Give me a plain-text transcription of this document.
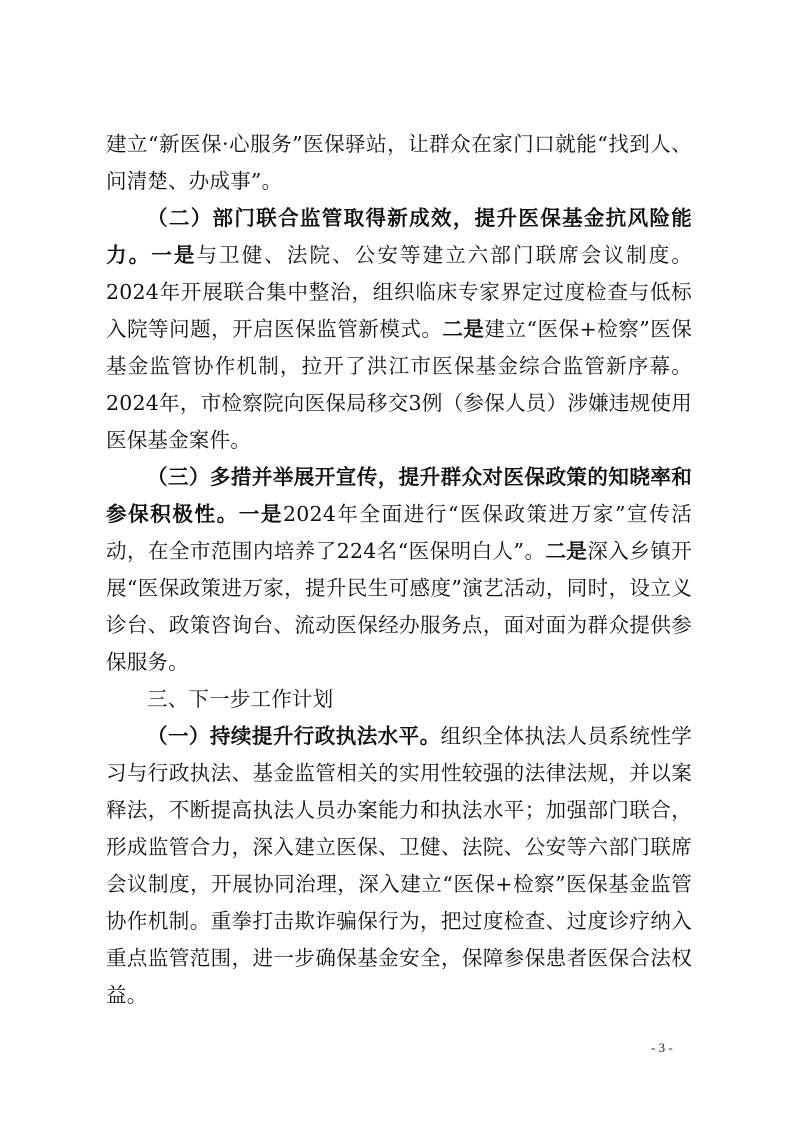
建立“新医保·心服务”医保驿站，让群众在家门口就能“找到人、问清楚、办成事”。

（二）部门联合监管取得新成效，提升医保基金抗风险能力。一是与卫健、法院、公安等建立六部门联席会议制度。2024年开展联合集中整治，组织临床专家界定过度检查与低标入院等问题，开启医保监管新模式。二是建立“医保+检察”医保基金监管协作机制，拉开了洪江市医保基金综合监管新序幕。2024年，市检察院向医保局移交3例（参保人员）涉嫌违规使用医保基金案件。

（三）多措并举展开宣传，提升群众对医保政策的知晓率和参保积极性。一是2024年全面进行“医保政策进万家”宣传活动，在全市范围内培养了224名“医保明白人”。二是深入乡镇开展“医保政策进万家，提升民生可感度”演艺活动，同时，设立义诊台、政策咨询台、流动医保经办服务点，面对面为群众提供参保服务。

三、下一步工作计划

（一）持续提升行政执法水平。组织全体执法人员系统性学习与行政执法、基金监管相关的实用性较强的法律法规，并以案释法，不断提高执法人员办案能力和执法水平；加强部门联合，形成监管合力，深入建立医保、卫健、法院、公安等六部门联席会议制度，开展协同治理，深入建立“医保+检察”医保基金监管协作机制。重拳打击欺诈骗保行为，把过度检查、过度诊疗纳入重点监管范围，进一步确保基金安全，保障参保患者医保合法权益。

- 3 -
